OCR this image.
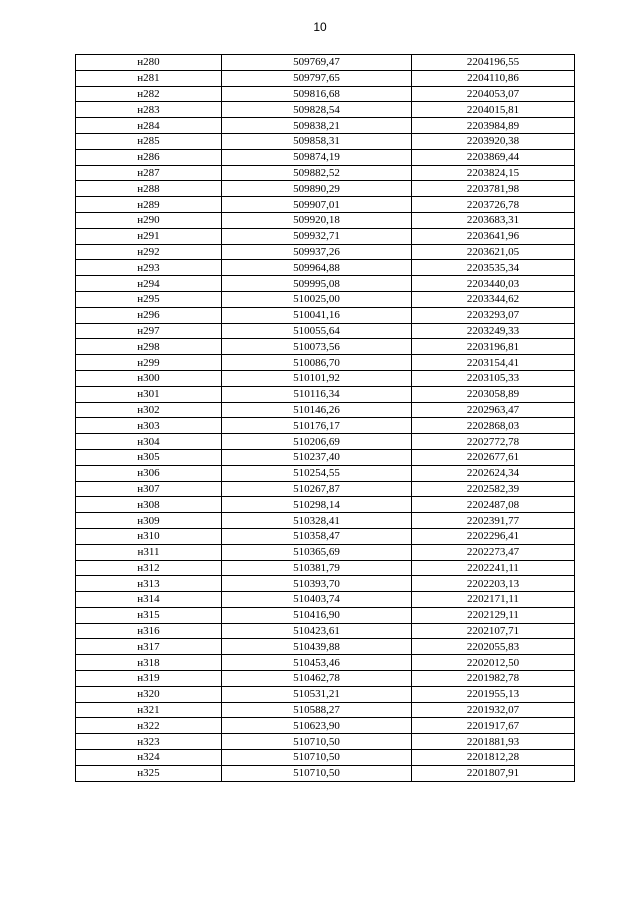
10
н280	509769,47	2204196,55
н281	509797,65	2204110,86
н282	509816,68	2204053,07
н283	509828,54	2204015,81
н284	509838,21	2203984,89
н285	509858,31	2203920,38
н286	509874,19	2203869,44
н287	509882,52	2203824,15
н288	509890,29	2203781,98
н289	509907,01	2203726,78
н290	509920,18	2203683,31
н291	509932,71	2203641,96
н292	509937,26	2203621,05
н293	509964,88	2203535,34
н294	509995,08	2203440,03
н295	510025,00	2203344,62
н296	510041,16	2203293,07
н297	510055,64	2203249,33
н298	510073,56	2203196,81
н299	510086,70	2203154,41
н300	510101,92	2203105,33
н301	510116,34	2203058,89
н302	510146,26	2202963,47
н303	510176,17	2202868,03
н304	510206,69	2202772,78
н305	510237,40	2202677,61
н306	510254,55	2202624,34
н307	510267,87	2202582,39
н308	510298,14	2202487,08
н309	510328,41	2202391,77
н310	510358,47	2202296,41
н311	510365,69	2202273,47
н312	510381,79	2202241,11
н313	510393,70	2202203,13
н314	510403,74	2202171,11
н315	510416,90	2202129,11
н316	510423,61	2202107,71
н317	510439,88	2202055,83
н318	510453,46	2202012,50
н319	510462,78	2201982,78
н320	510531,21	2201955,13
н321	510588,27	2201932,07
н322	510623,90	2201917,67
н323	510710,50	2201881,93
н324	510710,50	2201812,28
н325	510710,50	2201807,91
